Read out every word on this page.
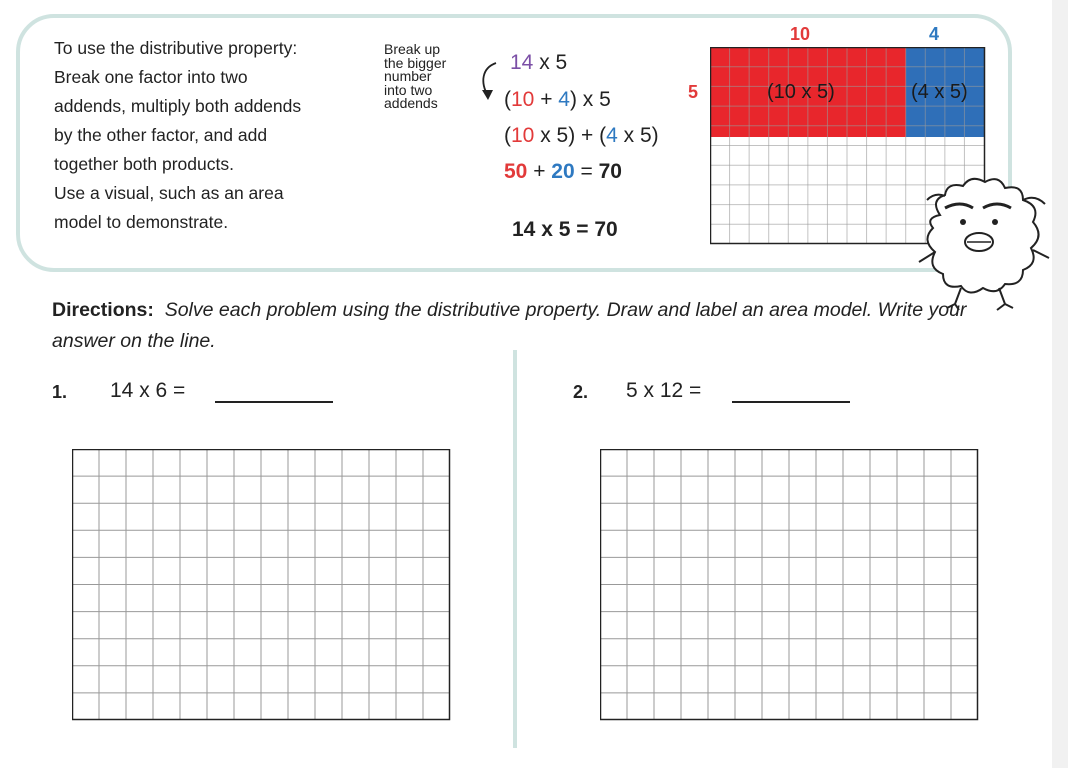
To use the distributive property:
Break one factor into two
addends, multiply both addends
by the other factor, and add
together both products.
Use a visual, such as an area
model to demonstrate.
Break up
the bigger
number
into two
addends
14 x 5
(10 + 4) x 5
(10 x 5) + (4 x 5)
50 + 20 = 70
14 x 5 = 70
10	4
5	(10 x 5)	(4 x 5)
Directions: Solve each problem using the distributive property. Draw and label an area model. Write your answer on the line.
1. 14 x 6 =	2. 5 x 12 =
